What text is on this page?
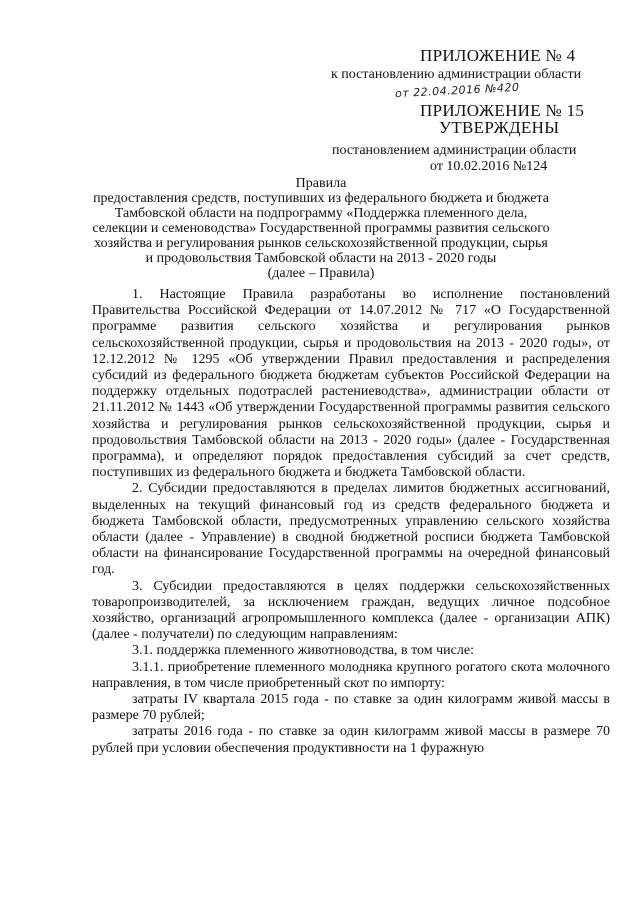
ПРИЛОЖЕНИЕ № 4
к постановлению администрации области
от 22.04.2016 №420
ПРИЛОЖЕНИЕ № 15
УТВЕРЖДЕНЫ
постановлением администрации области
от 10.02.2016 №124
Правила
предоставления средств, поступивших из федерального бюджета и бюджета
Тамбовской области на подпрограмму «Поддержка племенного дела,
селекции и семеноводства» Государственной программы развития сельского
хозяйства и регулирования рынков сельскохозяйственной продукции, сырья
и продовольствия Тамбовской области на 2013 - 2020 годы
(далее – Правила)

1. Настоящие Правила разработаны во исполнение постановлений Правительства Российской Федерации от 14.07.2012 № 717 «О Государственной программе развития сельского хозяйства и регулирования рынков сельскохозяйственной продукции, сырья и продовольствия на 2013 - 2020 годы», от 12.12.2012 № 1295 «Об утверждении Правил предоставления и распределения субсидий из федерального бюджета бюджетам субъектов Российской Федерации на поддержку отдельных подотраслей растениеводства», администрации области от 21.11.2012 № 1443 «Об утверждении Государственной программы развития сельского хозяйства и регулирования рынков сельскохозяйственной продукции, сырья и продовольствия Тамбовской области на 2013 - 2020 годы» (далее - Государственная программа), и определяют порядок предоставления субсидий за счет средств, поступивших из федерального бюджета и бюджета Тамбовской области.

2. Субсидии предоставляются в пределах лимитов бюджетных ассигнований, выделенных на текущий финансовый год из средств федерального бюджета и бюджета Тамбовской области, предусмотренных управлению сельского хозяйства области (далее - Управление) в сводной бюджетной росписи бюджета Тамбовской области на финансирование Государственной программы на очередной финансовый год.

3. Субсидии предоставляются в целях поддержки сельскохозяйственных товаропроизводителей, за исключением граждан, ведущих личное подсобное хозяйство, организаций агропромышленного комплекса (далее - организации АПК) (далее - получатели) по следующим направлениям:

3.1. поддержка племенного животноводства, в том числе:

3.1.1. приобретение племенного молодняка крупного рогатого скота молочного направления, в том числе приобретенный скот по импорту:

затраты IV квартала 2015 года - по ставке за один килограмм живой массы в размере 70 рублей;

затраты 2016 года - по ставке за один килограмм живой массы в размере 70 рублей при условии обеспечения продуктивности на 1 фуражную
